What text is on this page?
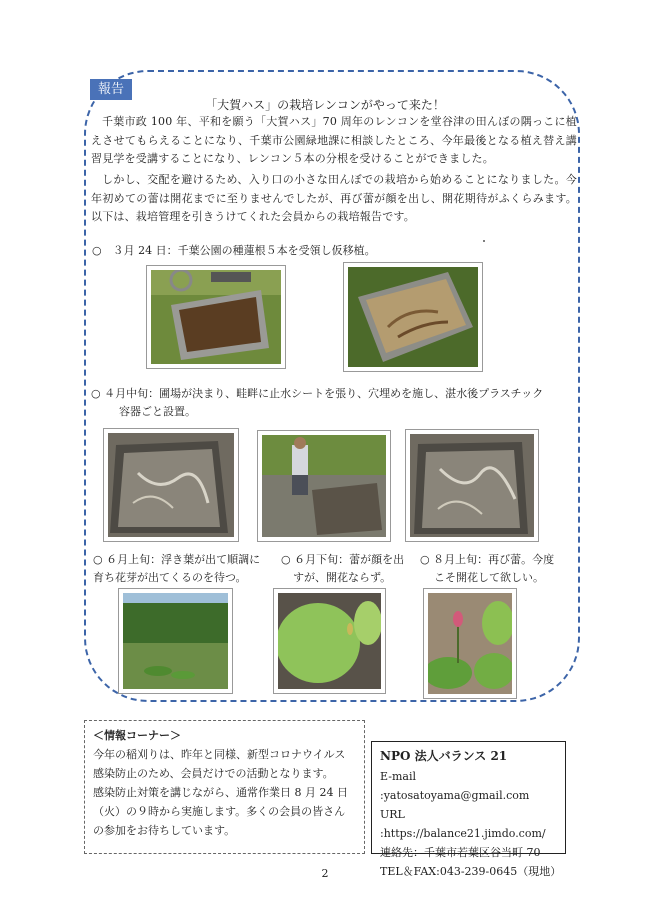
報告
「大賀ハス」の栽培レンコンがやって来た！
千葉市政 100 年、平和を願う「大賀ハス」70 周年のレンコンを堂谷津の田んぼの隅っこに植えさせてもらえることになり、千葉市公園緑地課に相談したところ、今年最後となる植え替え講習見学を受講することになり、レンコン５本の分根を受けることができました。
しかし、交配を避けるため、入り口の小さな田んぼでの栽培から始めることになりました。今年初めての蕾は開花までに至りませんでしたが、再び蕾が顔を出し、開花期待がふくらみます。以下は、栽培管理を引きうけてくれた会員からの栽培報告です。
○　３月 24 日：千葉公園の種蓮根５本を受領し仮移植。
○ ４月中旬：圃場が決まり、畦畔に止水シートを張り、穴埋めを施し、湛水後プラスチック
容器ごと設置。
○ ６月上旬：浮き葉が出て順調に
育ち花芽が出てくるのを待つ。
○ ６月下旬：蕾が顔を出
すが、開花ならず。
○ ８月上旬：再び蕾。今度
こそ開花して欲しい。
＜情報コーナー＞
今年の稲刈りは、昨年と同様、新型コロナウイルス
感染防止のため、会員だけでの活動となります。
感染防止対策を講じながら、通常作業日 8 月 24 日
（火）の９時から実施します。多くの会員の皆さん
の参加をお待ちしています。
NPO 法人バランス 21
E-mail :yatosatoyama@gmail.com
URL :https://balance21.jimdo.com/
連絡先：千葉市若葉区谷当町 70
TEL＆FAX:043-239-0645（現地）
2
